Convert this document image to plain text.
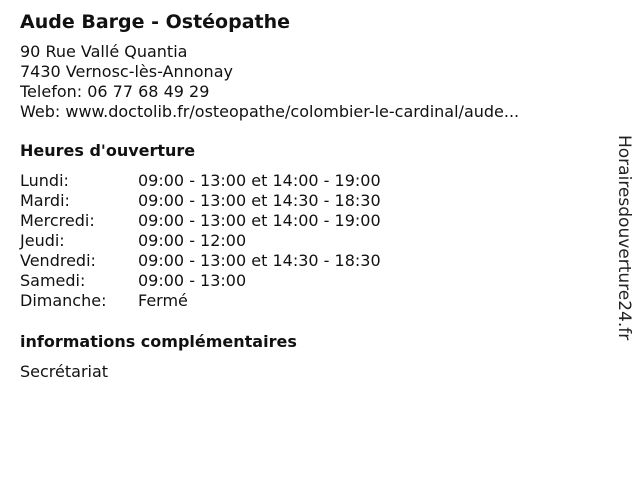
Aude Barge - Ostéopathe
90 Rue Vallé Quantia
7430 Vernosc-lès-Annonay
Telefon: 06 77 68 49 29
Web: www.doctolib.fr/osteopathe/colombier-le-cardinal/aude...
Heures d'ouverture
Lundi:	09:00 - 13:00 et 14:00 - 19:00
Mardi:	09:00 - 13:00 et 14:30 - 18:30
Mercredi:	09:00 - 13:00 et 14:00 - 19:00
Jeudi:	09:00 - 12:00
Vendredi:	09:00 - 13:00 et 14:30 - 18:30
Samedi:	09:00 - 13:00
Dimanche:	Fermé
informations complémentaires
Secrétariat
Horairesdouverture24.fr
